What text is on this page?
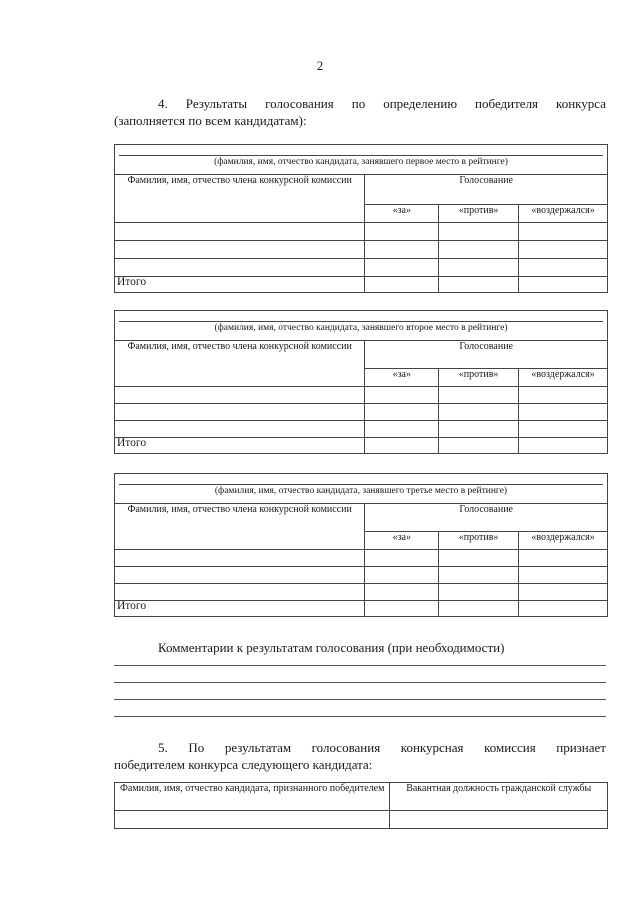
2
4. Результаты голосования по определению победителя конкурса
(заполняется по всем кандидатам):
(фамилия, имя, отчество кандидата, занявшего первое место в рейтинге)			

Фамилия, имя, отчество члена конкурсной комиссии	Голосование		
	«за»	«против»	«воздержался»

Итого			
(фамилия, имя, отчество кандидата, занявшего второе место в рейтинге)			

Фамилия, имя, отчество члена конкурсной комиссии	Голосование		
	«за»	«против»	«воздержался»

Итого			
(фамилия, имя, отчество кандидата, занявшего третье место в рейтинге)			

Фамилия, имя, отчество члена конкурсной комиссии	Голосование		
	«за»	«против»	«воздержался»

Итого			
Комментарии к результатам голосования (при необходимости)
5. По результатам голосования конкурсная комиссия признает
победителем конкурса следующего кандидата:
Фамилия, имя, отчество кандидата, признанного победителем	Вакантная должность гражданской службы
